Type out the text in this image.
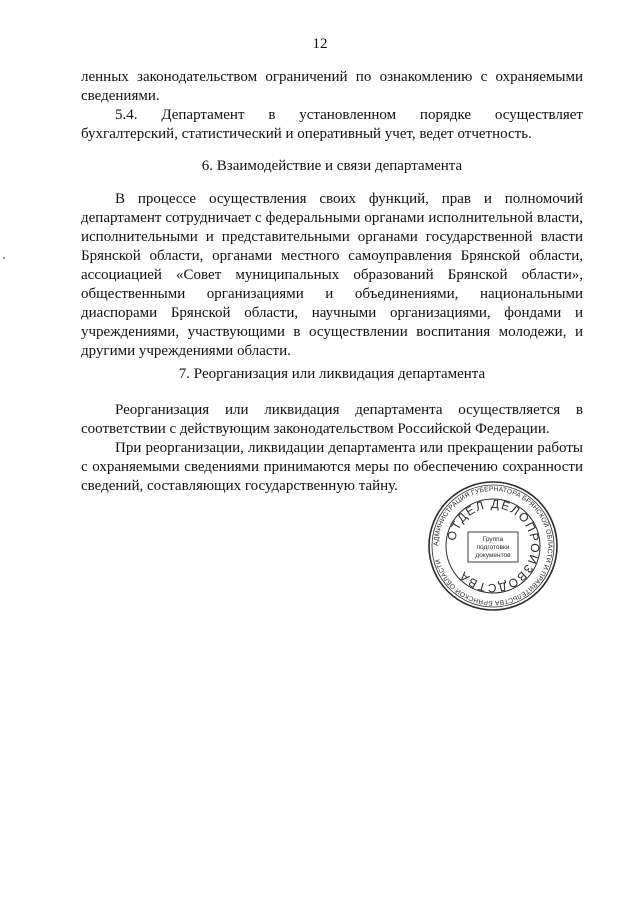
12

ленных законодательством ограничений по ознакомлению с охраняемыми сведениями.

5.4. Департамент в установленном порядке осуществляет бухгалтерский, статистический и оперативный учет, ведет отчетность.

6. Взаимодействие и связи департамента

В процессе осуществления своих функций, прав и полномочий департамент сотрудничает с федеральными органами исполнительной власти, исполнительными и представительными органами государственной власти Брянской области, органами местного самоуправления Брянской области, ассоциацией «Совет муниципальных образований Брянской области», общественными организациями и объединениями, национальными диаспорами Брянской области, научными организациями, фондами и учреждениями, участвующими в осуществлении воспитания молодежи, и другими учреждениями области.

7. Реорганизация или ликвидация департамента

Реорганизация или ликвидация департамента осуществляется в соответствии с действующим законодательством Российской Федерации.

При реорганизации, ликвидации департамента или прекращении работы с охраняемыми сведениями принимаются меры по обеспечению сохранности сведений, составляющих государственную тайну.

АДМИНИСТРАЦИЯ ГУБЕРНАТОРА БРЯНСКОЙ ОБЛАСТИ И ПРАВИТЕЛЬСТВА БРЯНСКОЙ ОБЛАСТИ
ОТДЕЛ ДЕЛОПРОИЗВОДСТВА
Группа
подготовки
документов
